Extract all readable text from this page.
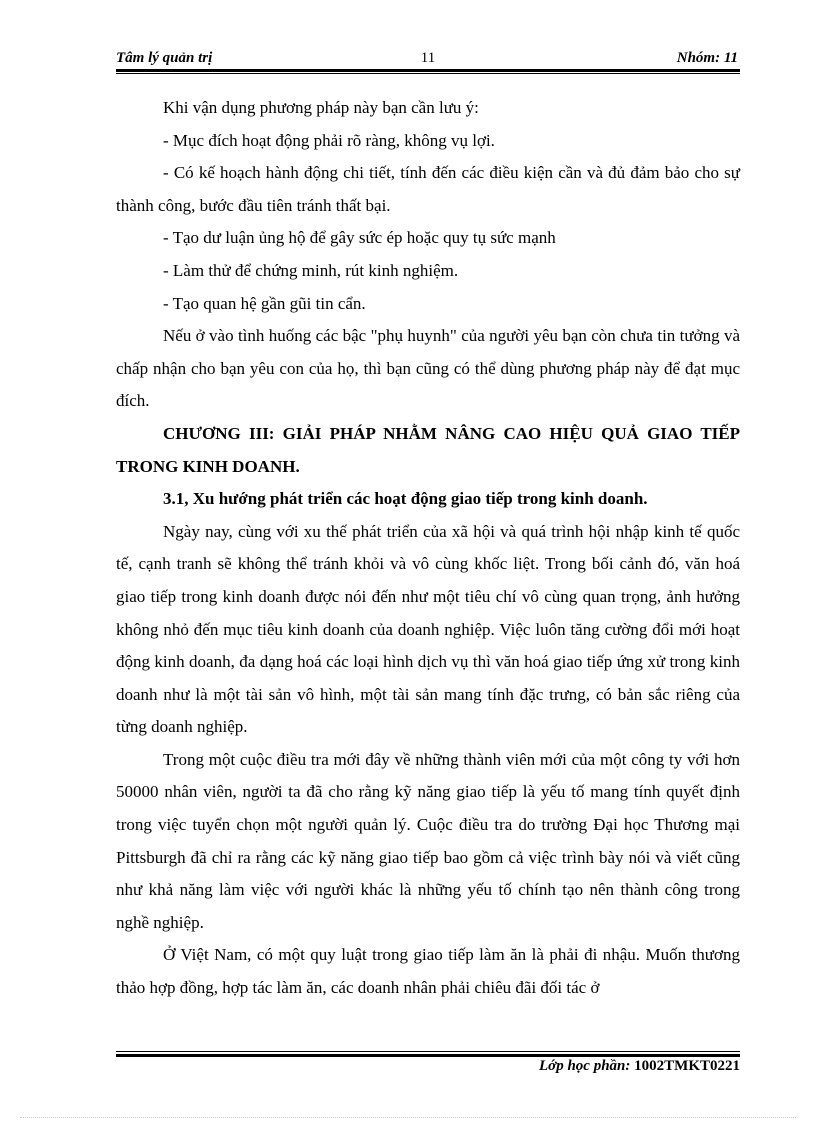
Tâm lý quản trị	11	Nhóm: 11

Khi vận dụng phương pháp này bạn cần lưu ý:

- Mục đích hoạt động phải rõ ràng, không vụ lợi.

- Có kế hoạch hành động chi tiết, tính đến các điều kiện cần và đủ đảm bảo cho sự thành công, bước đầu tiên tránh thất bại.

- Tạo dư luận ủng hộ để gây sức ép hoặc quy tụ sức mạnh

- Làm thử để chứng minh, rút kinh nghiệm.

- Tạo quan hệ gần gũi tin cẩn.

Nếu ở vào tình huống các bậc "phụ huynh" của người yêu bạn còn chưa tin tưởng và chấp nhận cho bạn yêu con của họ, thì bạn cũng có thể dùng phương pháp này để đạt mục đích.

CHƯƠNG III: GIẢI PHÁP NHẰM NÂNG CAO HIỆU QUẢ GIAO TIẾP TRONG KINH DOANH.

3.1, Xu hướng phát triển các hoạt động giao tiếp trong kinh doanh.

Ngày nay, cùng với xu thế phát triển của xã hội và quá trình hội nhập kinh tế quốc tế, cạnh tranh sẽ không thể tránh khỏi và vô cùng khốc liệt. Trong bối cảnh đó, văn hoá giao tiếp trong kinh doanh được nói đến như một tiêu chí vô cùng quan trọng, ảnh hưởng không nhỏ đến mục tiêu kinh doanh của doanh nghiệp. Việc luôn tăng cường đổi mới hoạt động kinh doanh, đa dạng hoá các loại hình dịch vụ thì văn hoá giao tiếp ứng xử trong kinh doanh như là một tài sản vô hình, một tài sản mang tính đặc trưng, có bản sắc riêng của từng doanh nghiệp.

Trong một cuộc điều tra mới đây về những thành viên mới của một công ty với hơn 50000 nhân viên, người ta đã cho rằng kỹ năng giao tiếp là yếu tố mang tính quyết định trong việc tuyển chọn một người quản lý. Cuộc điều tra do trường Đại học Thương mại Pittsburgh đã chỉ ra rằng các kỹ năng giao tiếp bao gồm cả việc trình bày nói và viết cũng như khả năng làm việc với người khác là những yếu tố chính tạo nên thành công trong nghề nghiệp.

Ở Việt Nam, có một quy luật trong giao tiếp làm ăn là phải đi nhậu. Muốn thương thảo hợp đồng, hợp tác làm ăn, các doanh nhân phải chiêu đãi đối tác ở

Lớp học phần: 1002TMKT0221
